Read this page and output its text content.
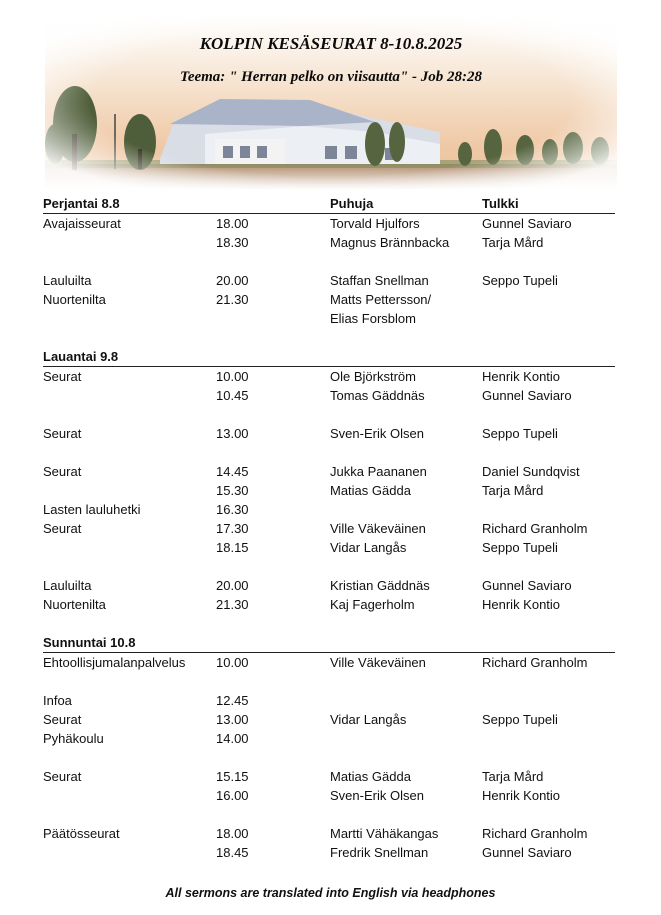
KOLPIN KESÄSEURAT 8-10.8.2025
Teema: " Herran pelko on viisautta" - Job 28:28
Perjantai 8.8	Puhuja	Tulkki
Avajaisseurat	18.00	Torvald Hjulfors	Gunnel Saviaro
18.30	Magnus Brännbacka	Tarja Mård
Lauluilta	20.00	Staffan Snellman	Seppo Tupeli
Nuortenilta	21.30	Matts Pettersson/
Elias Forsblom
Lauantai 9.8
Seurat	10.00	Ole Björkström	Henrik Kontio
10.45	Tomas Gäddnäs	Gunnel Saviaro
Seurat	13.00	Sven-Erik Olsen	Seppo Tupeli
Seurat	14.45	Jukka Paananen	Daniel Sundqvist
15.30	Matias Gädda	Tarja Mård
Lasten lauluhetki	16.30
Seurat	17.30	Ville Väkeväinen	Richard Granholm
18.15	Vidar Langås	Seppo Tupeli
Lauluilta	20.00	Kristian Gäddnäs	Gunnel Saviaro
Nuortenilta	21.30	Kaj Fagerholm	Henrik Kontio
Sunnuntai 10.8
Ehtoollisjumalanpalvelus 10.00	Ville Väkeväinen	Richard Granholm
Infoa	12.45
Seurat	13.00	Vidar Langås	Seppo Tupeli
Pyhäkoulu	14.00
Seurat	15.15	Matias Gädda	Tarja Mård
16.00	Sven-Erik Olsen	Henrik Kontio
Päätösseurat	18.00	Martti Vähäkangas	Richard Granholm
18.45	Fredrik Snellman	Gunnel Saviaro
All sermons are translated into English via headphones
